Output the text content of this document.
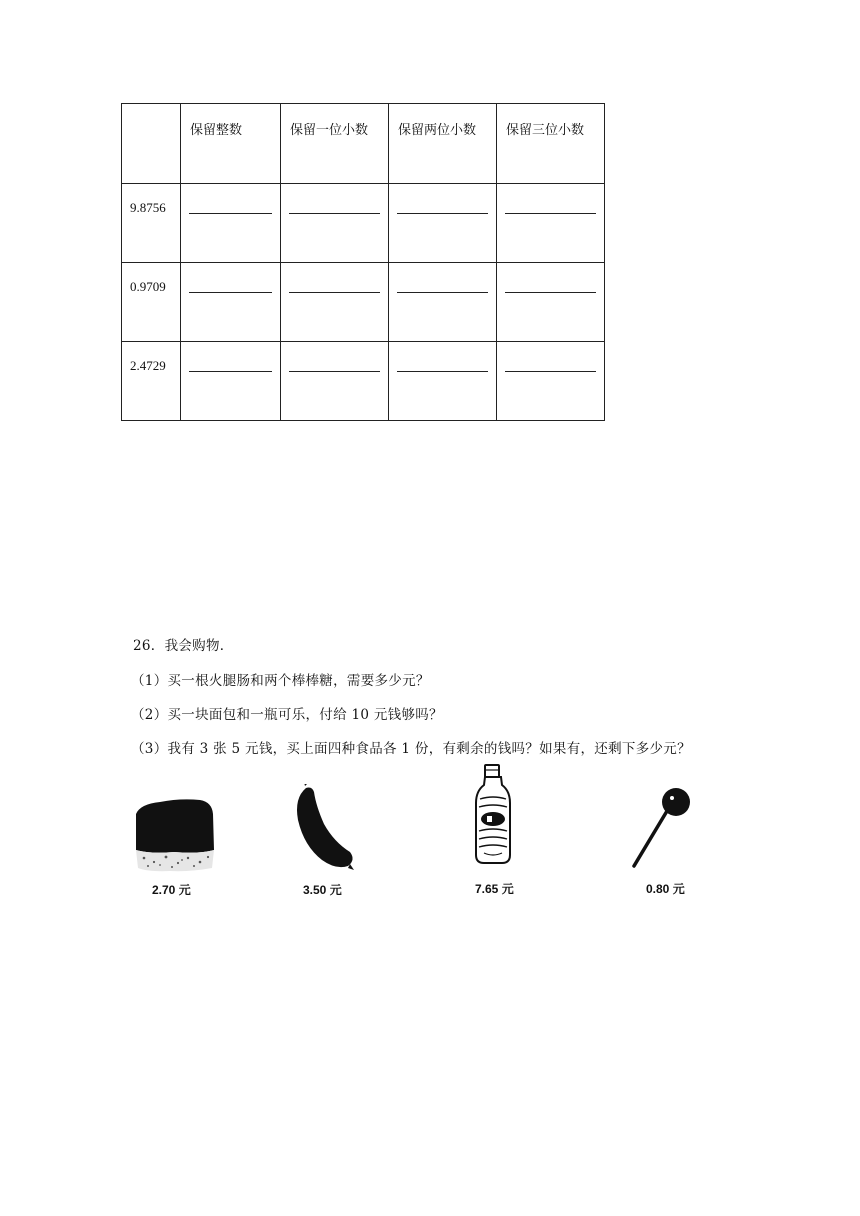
	保留整数	保留一位小数	保留两位小数	保留三位小数

9.8756				

0.9709				

2.4729				

26．我会购物．
（1）买一根火腿肠和两个棒棒糖，需要多少元？
（2）买一块面包和一瓶可乐，付给 10 元钱够吗？
（3）我有 3 张 5 元钱，买上面四种食品各 1 份，有剩余的钱吗？如果有，还剩下多少元？
2.70 元	3.50 元	7.65 元	0.80 元
